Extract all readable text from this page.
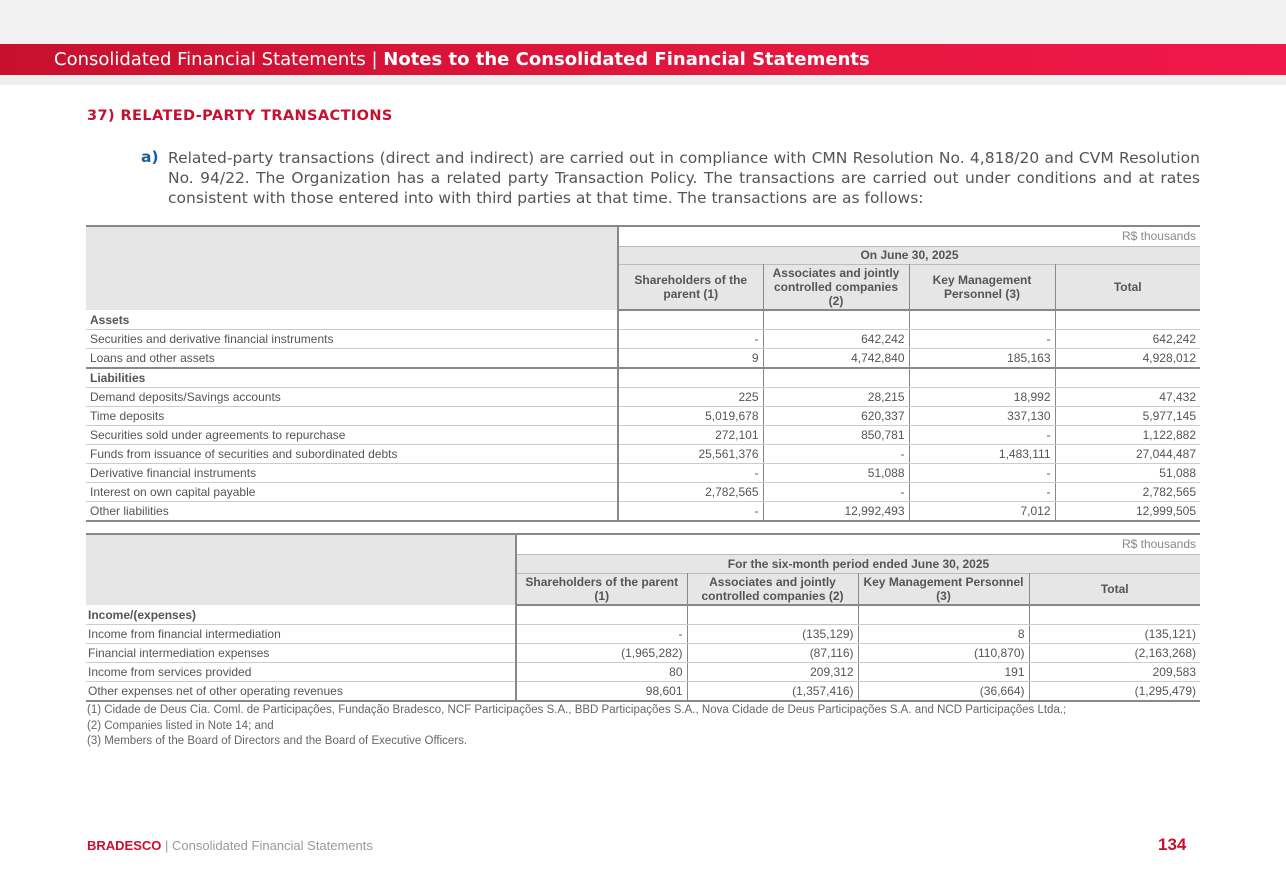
Consolidated Financial Statements | Notes to the Consolidated Financial Statements
37) RELATED-PARTY TRANSACTIONS
a) Related-party transactions (direct and indirect) are carried out in compliance with CMN Resolution No. 4,818/20 and CVM Resolution No. 94/22. The Organization has a related party Transaction Policy. The transactions are carried out under conditions and at rates consistent with those entered into with third parties at that time. The transactions are as follows:
	R$ thousands			
	On June 30, 2025			
	Shareholders of the parent (1)	Associates and jointly controlled companies (2)	Key Management Personnel (3)	Total
Assets				
Securities and derivative financial instruments	-	642,242	-	642,242
Loans and other assets	9	4,742,840	185,163	4,928,012
Liabilities				
Demand deposits/Savings accounts	225	28,215	18,992	47,432
Time deposits	5,019,678	620,337	337,130	5,977,145
Securities sold under agreements to repurchase	272,101	850,781	-	1,122,882
Funds from issuance of securities and subordinated debts	25,561,376	-	1,483,111	27,044,487
Derivative financial instruments	-	51,088	-	51,088
Interest on own capital payable	2,782,565	-	-	2,782,565
Other liabilities	-	12,992,493	7,012	12,999,505
	R$ thousands			
	For the six-month period ended June 30, 2025			
	Shareholders of the parent (1)	Associates and jointly controlled companies (2)	Key Management Personnel (3)	Total
Income/(expenses)				
Income from financial intermediation	-	(135,129)	8	(135,121)
Financial intermediation expenses	(1,965,282)	(87,116)	(110,870)	(2,163,268)
Income from services provided	80	209,312	191	209,583
Other expenses net of other operating revenues	98,601	(1,357,416)	(36,664)	(1,295,479)
(1) Cidade de Deus Cia. Coml. de Participações, Fundação Bradesco, NCF Participações S.A., BBD Participações S.A., Nova Cidade de Deus Participações S.A. and NCD Participações Ltda.;
(2) Companies listed in Note 14; and
(3) Members of the Board of Directors and the Board of Executive Officers.
BRADESCO | Consolidated Financial Statements	134
